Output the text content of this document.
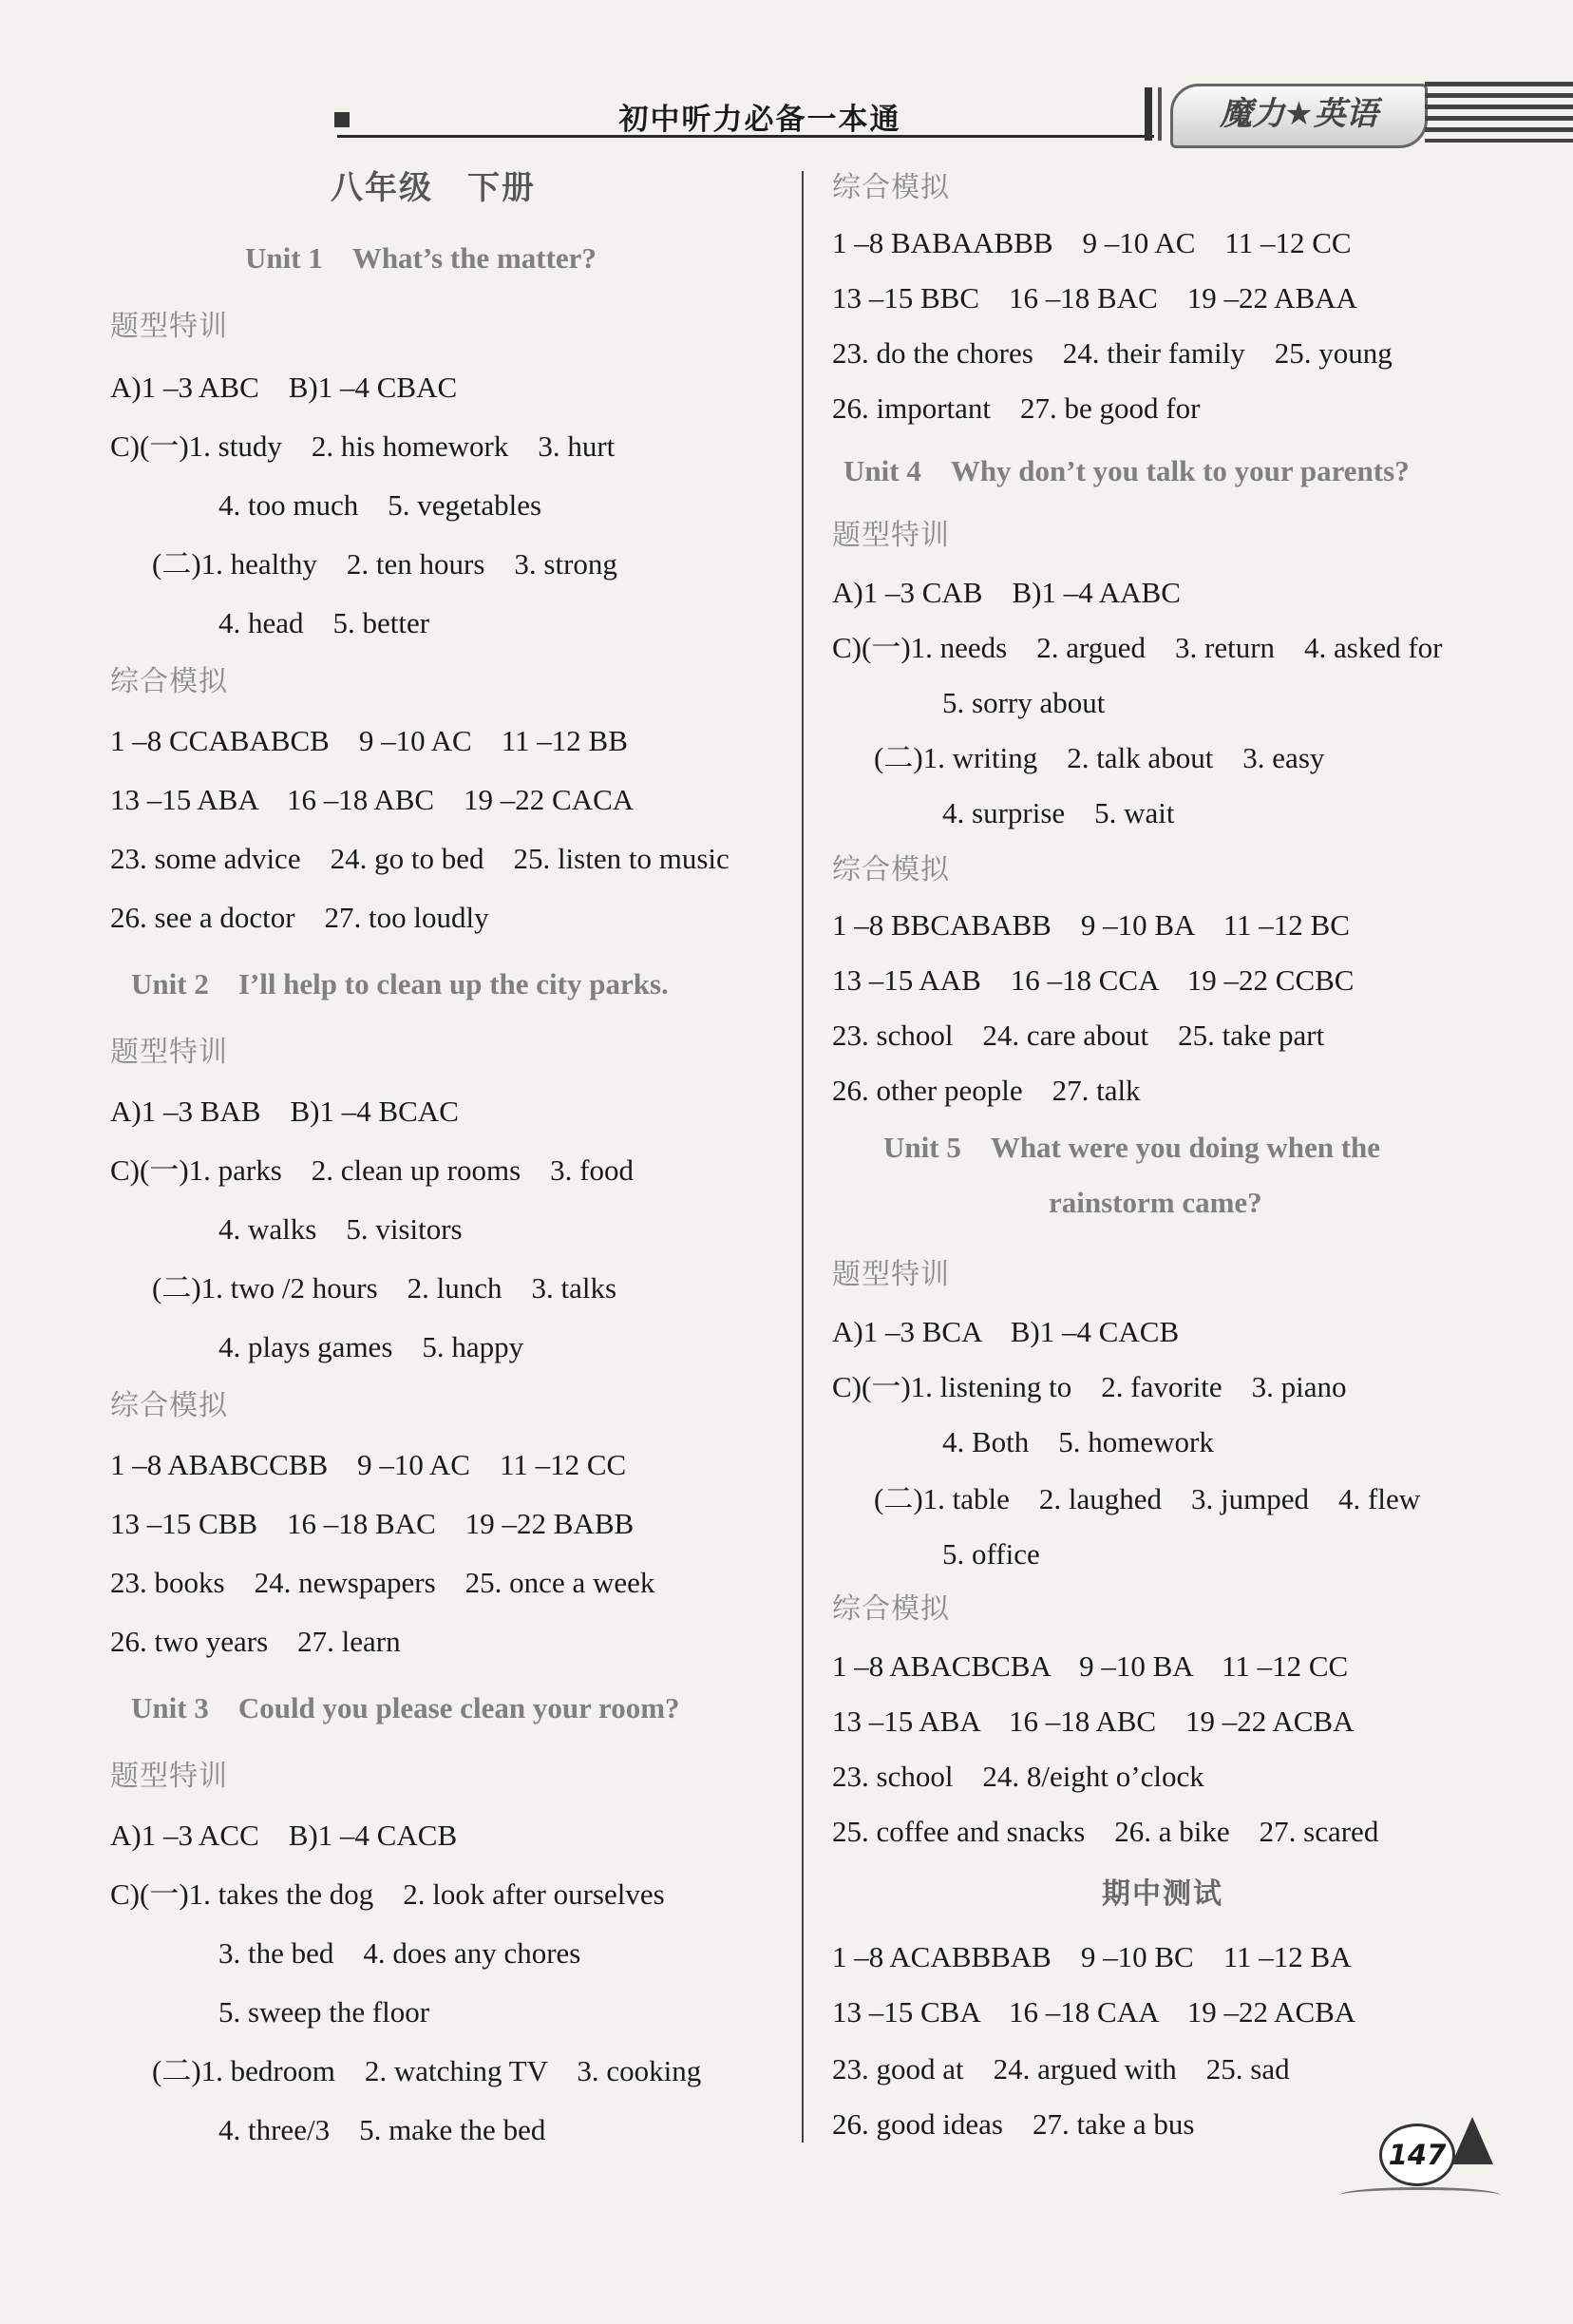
初中听力必备一本通	魔力★英语
八年级　下册
Unit 1　What’s the matter?
题型特训
A)1 –3 ABC　B)1 –4 CBAC
C)(一)1. study　2. his homework　3. hurt
4. too much　5. vegetables
(二)1. healthy　2. ten hours　3. strong
4. head　5. better
综合模拟
1 –8 CCABABCB　9 –10 AC　11 –12 BB
13 –15 ABA　16 –18 ABC　19 –22 CACA
23. some advice　24. go to bed　25. listen to music
26. see a doctor　27. too loudly
Unit 2　I’ll help to clean up the city parks.
题型特训
A)1 –3 BAB　B)1 –4 BCAC
C)(一)1. parks　2. clean up rooms　3. food
4. walks　5. visitors
(二)1. two /2 hours　2. lunch　3. talks
4. plays games　5. happy
综合模拟
1 –8 ABABCCBB　9 –10 AC　11 –12 CC
13 –15 CBB　16 –18 BAC　19 –22 BABB
23. books　24. newspapers　25. once a week
26. two years　27. learn
Unit 3　Could you please clean your room?
题型特训
A)1 –3 ACC　B)1 –4 CACB
C)(一)1. takes the dog　2. look after ourselves
3. the bed　4. does any chores
5. sweep the floor
(二)1. bedroom　2. watching TV　3. cooking
4. three/3　5. make the bed
综合模拟
1 –8 BABAABBB　9 –10 AC　11 –12 CC
13 –15 BBC　16 –18 BAC　19 –22 ABAA
23. do the chores　24. their family　25. young
26. important　27. be good for
Unit 4　Why don’t you talk to your parents?
题型特训
A)1 –3 CAB　B)1 –4 AABC
C)(一)1. needs　2. argued　3. return　4. asked for
5. sorry about
(二)1. writing　2. talk about　3. easy
4. surprise　5. wait
综合模拟
1 –8 BBCABABB　9 –10 BA　11 –12 BC
13 –15 AAB　16 –18 CCA　19 –22 CCBC
23. school　24. care about　25. take part
26. other people　27. talk
Unit 5　What were you doing when the
rainstorm came?
题型特训
A)1 –3 BCA　B)1 –4 CACB
C)(一)1. listening to　2. favorite　3. piano
4. Both　5. homework
(二)1. table　2. laughed　3. jumped　4. flew
5. office
综合模拟
1 –8 ABACBCBA　9 –10 BA　11 –12 CC
13 –15 ABA　16 –18 ABC　19 –22 ACBA
23. school　24. 8/eight o’clock
25. coffee and snacks　26. a bike　27. scared
期中测试
1 –8 ACABBBAB　9 –10 BC　11 –12 BA
13 –15 CBA　16 –18 CAA　19 –22 ACBA
23. good at　24. argued with　25. sad
26. good ideas　27. take a bus
147
